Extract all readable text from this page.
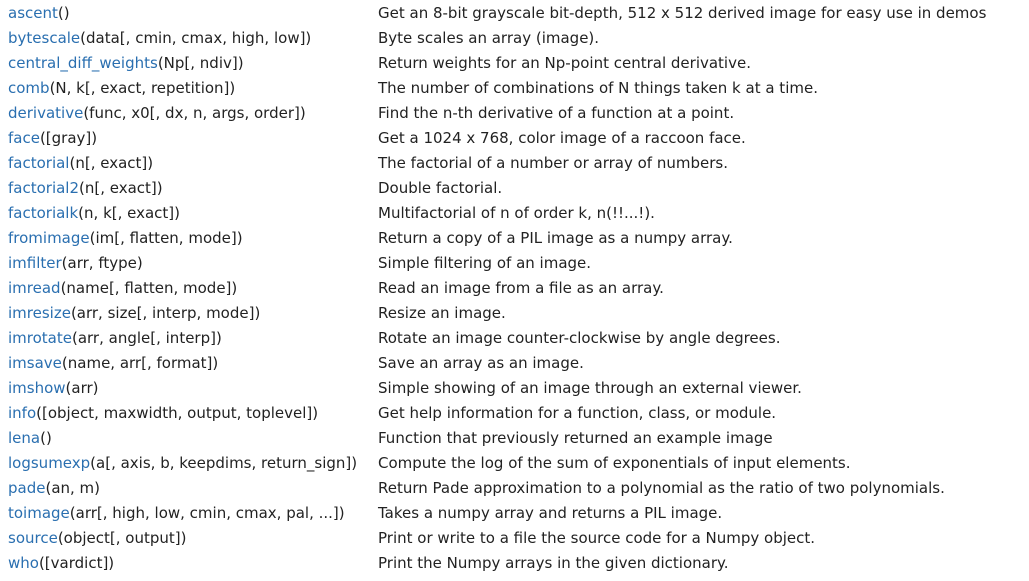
ascent()	Get an 8-bit grayscale bit-depth, 512 x 512 derived image for easy use in demos
bytescale(data[, cmin, cmax, high, low])	Byte scales an array (image).
central_diff_weights(Np[, ndiv])	Return weights for an Np-point central derivative.
comb(N, k[, exact, repetition])	The number of combinations of N things taken k at a time.
derivative(func, x0[, dx, n, args, order])	Find the n-th derivative of a function at a point.
face([gray])	Get a 1024 x 768, color image of a raccoon face.
factorial(n[, exact])	The factorial of a number or array of numbers.
factorial2(n[, exact])	Double factorial.
factorialk(n, k[, exact])	Multifactorial of n of order k, n(!!...!).
fromimage(im[, flatten, mode])	Return a copy of a PIL image as a numpy array.
imfilter(arr, ftype)	Simple filtering of an image.
imread(name[, flatten, mode])	Read an image from a file as an array.
imresize(arr, size[, interp, mode])	Resize an image.
imrotate(arr, angle[, interp])	Rotate an image counter-clockwise by angle degrees.
imsave(name, arr[, format])	Save an array as an image.
imshow(arr)	Simple showing of an image through an external viewer.
info([object, maxwidth, output, toplevel])	Get help information for a function, class, or module.
lena()	Function that previously returned an example image
logsumexp(a[, axis, b, keepdims, return_sign])	Compute the log of the sum of exponentials of input elements.
pade(an, m)	Return Pade approximation to a polynomial as the ratio of two polynomials.
toimage(arr[, high, low, cmin, cmax, pal, ...])	Takes a numpy array and returns a PIL image.
source(object[, output])	Print or write to a file the source code for a Numpy object.
who([vardict])	Print the Numpy arrays in the given dictionary.
